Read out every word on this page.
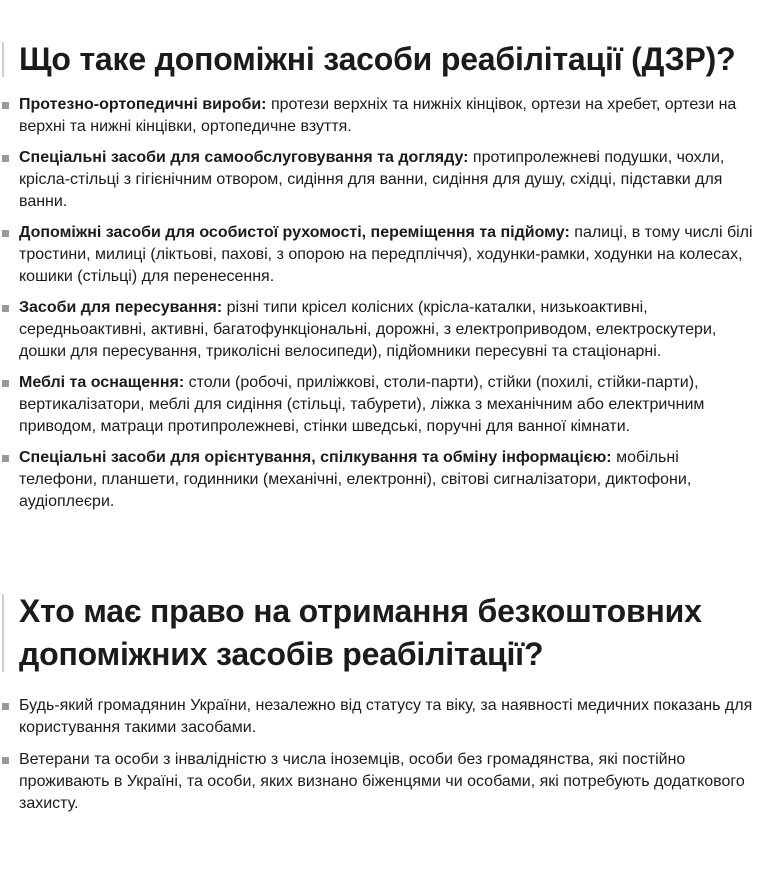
Що таке допоміжні засоби реабілітації (ДЗР)?
Протезно-ортопедичні вироби: протези верхніх та нижніх кінцівок, ортези на хребет, ортези на верхні та нижні кінцівки, ортопедичне взуття.
Спеціальні засоби для самообслуговування та догляду: протипролежневі подушки, чохли, крісла-стільці з гігієнічним отвором, сидіння для ванни, сидіння для душу, східці, підставки для ванни.
Допоміжні засоби для особистої рухомості, переміщення та підйому: палиці, в тому числі білі тростини, милиці (ліктьові, пахові, з опорою на передпліччя), ходунки-рамки, ходунки на колесах, кошики (стільці) для перенесення.
Засоби для пересування: різні типи крісел колісних (крісла-каталки, низькоактивні, середньоактивні, активні, багатофункціональні, дорожні, з електроприводом, електроскутери, дошки для пересування, триколісні велосипеди), підйомники пересувні та стаціонарні.
Меблі та оснащення: столи (робочі, приліжкові, столи-парти), стійки (похилі, стійки-парти), вертикалізатори, меблі для сидіння (стільці, табурети), ліжка з механічним або електричним приводом, матраци протипролежневі, стінки шведські, поручні для ванної кімнати.
Спеціальні засоби для орієнтування, спілкування та обміну інформацією: мобільні телефони, планшети, годинники (механічні, електронні), світові сигналізатори, диктофони, аудіоплеєри.
Хто має право на отримання безкоштовних допоміжних засобів реабілітації?
Будь-який громадянин України, незалежно від статусу та віку, за наявності медичних показань для користування такими засобами.
Ветерани та особи з інвалідністю з числа іноземців, особи без громадянства, які постійно проживають в Україні, та особи, яких визнано біженцями чи особами, які потребують додаткового захисту.
